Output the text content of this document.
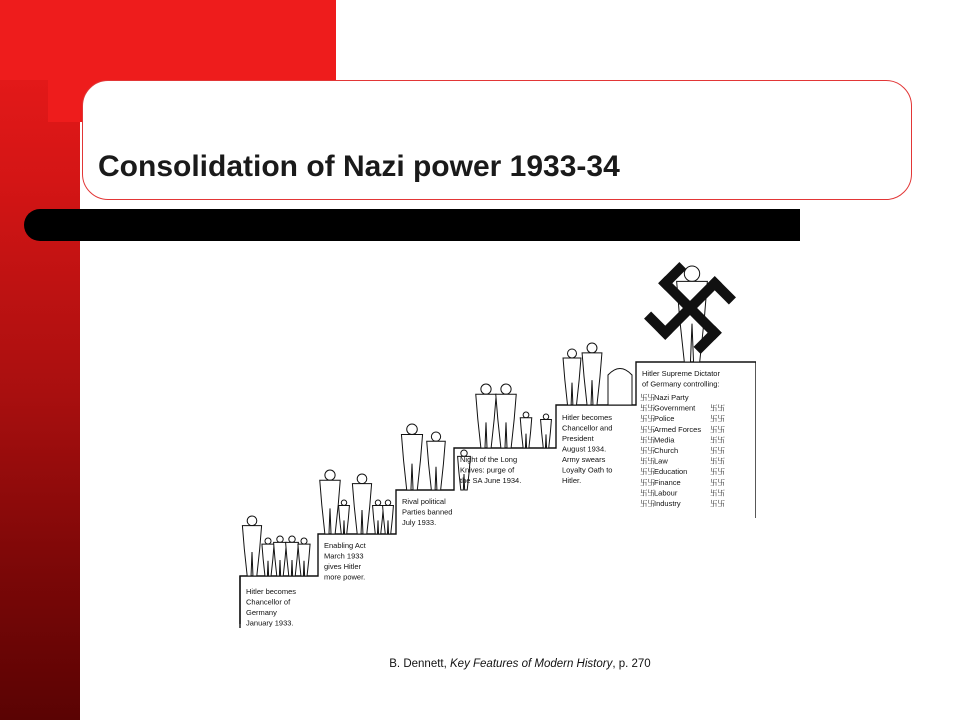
Consolidation of Nazi power 1933-34
Hitler becomes Chancellor of Germany January 1933.
Enabling Act March 1933 gives Hitler more power.
Rival political Parties banned July 1933.
Night of the Long Knives: purge of the SA June 1934.
Hitler becomes Chancellor and President August 1934. Army swears Loyalty Oath to Hitler.
Hitler Supreme Dictator of Germany controlling:
卐卐 Nazi Party
卐卐 Government
卐卐 Police
卐卐 Armed Forces
卐卐 Media
卐卐 Church
卐卐 Law
卐卐 Education
卐卐 Finance
卐卐 Labour
卐卐 Industry
卐卐
卐卐
卐卐
卐卐
卐卐
卐卐
卐卐
卐卐
卐卐
卐卐
B. Dennett, Key Features of Modern History, p. 270
